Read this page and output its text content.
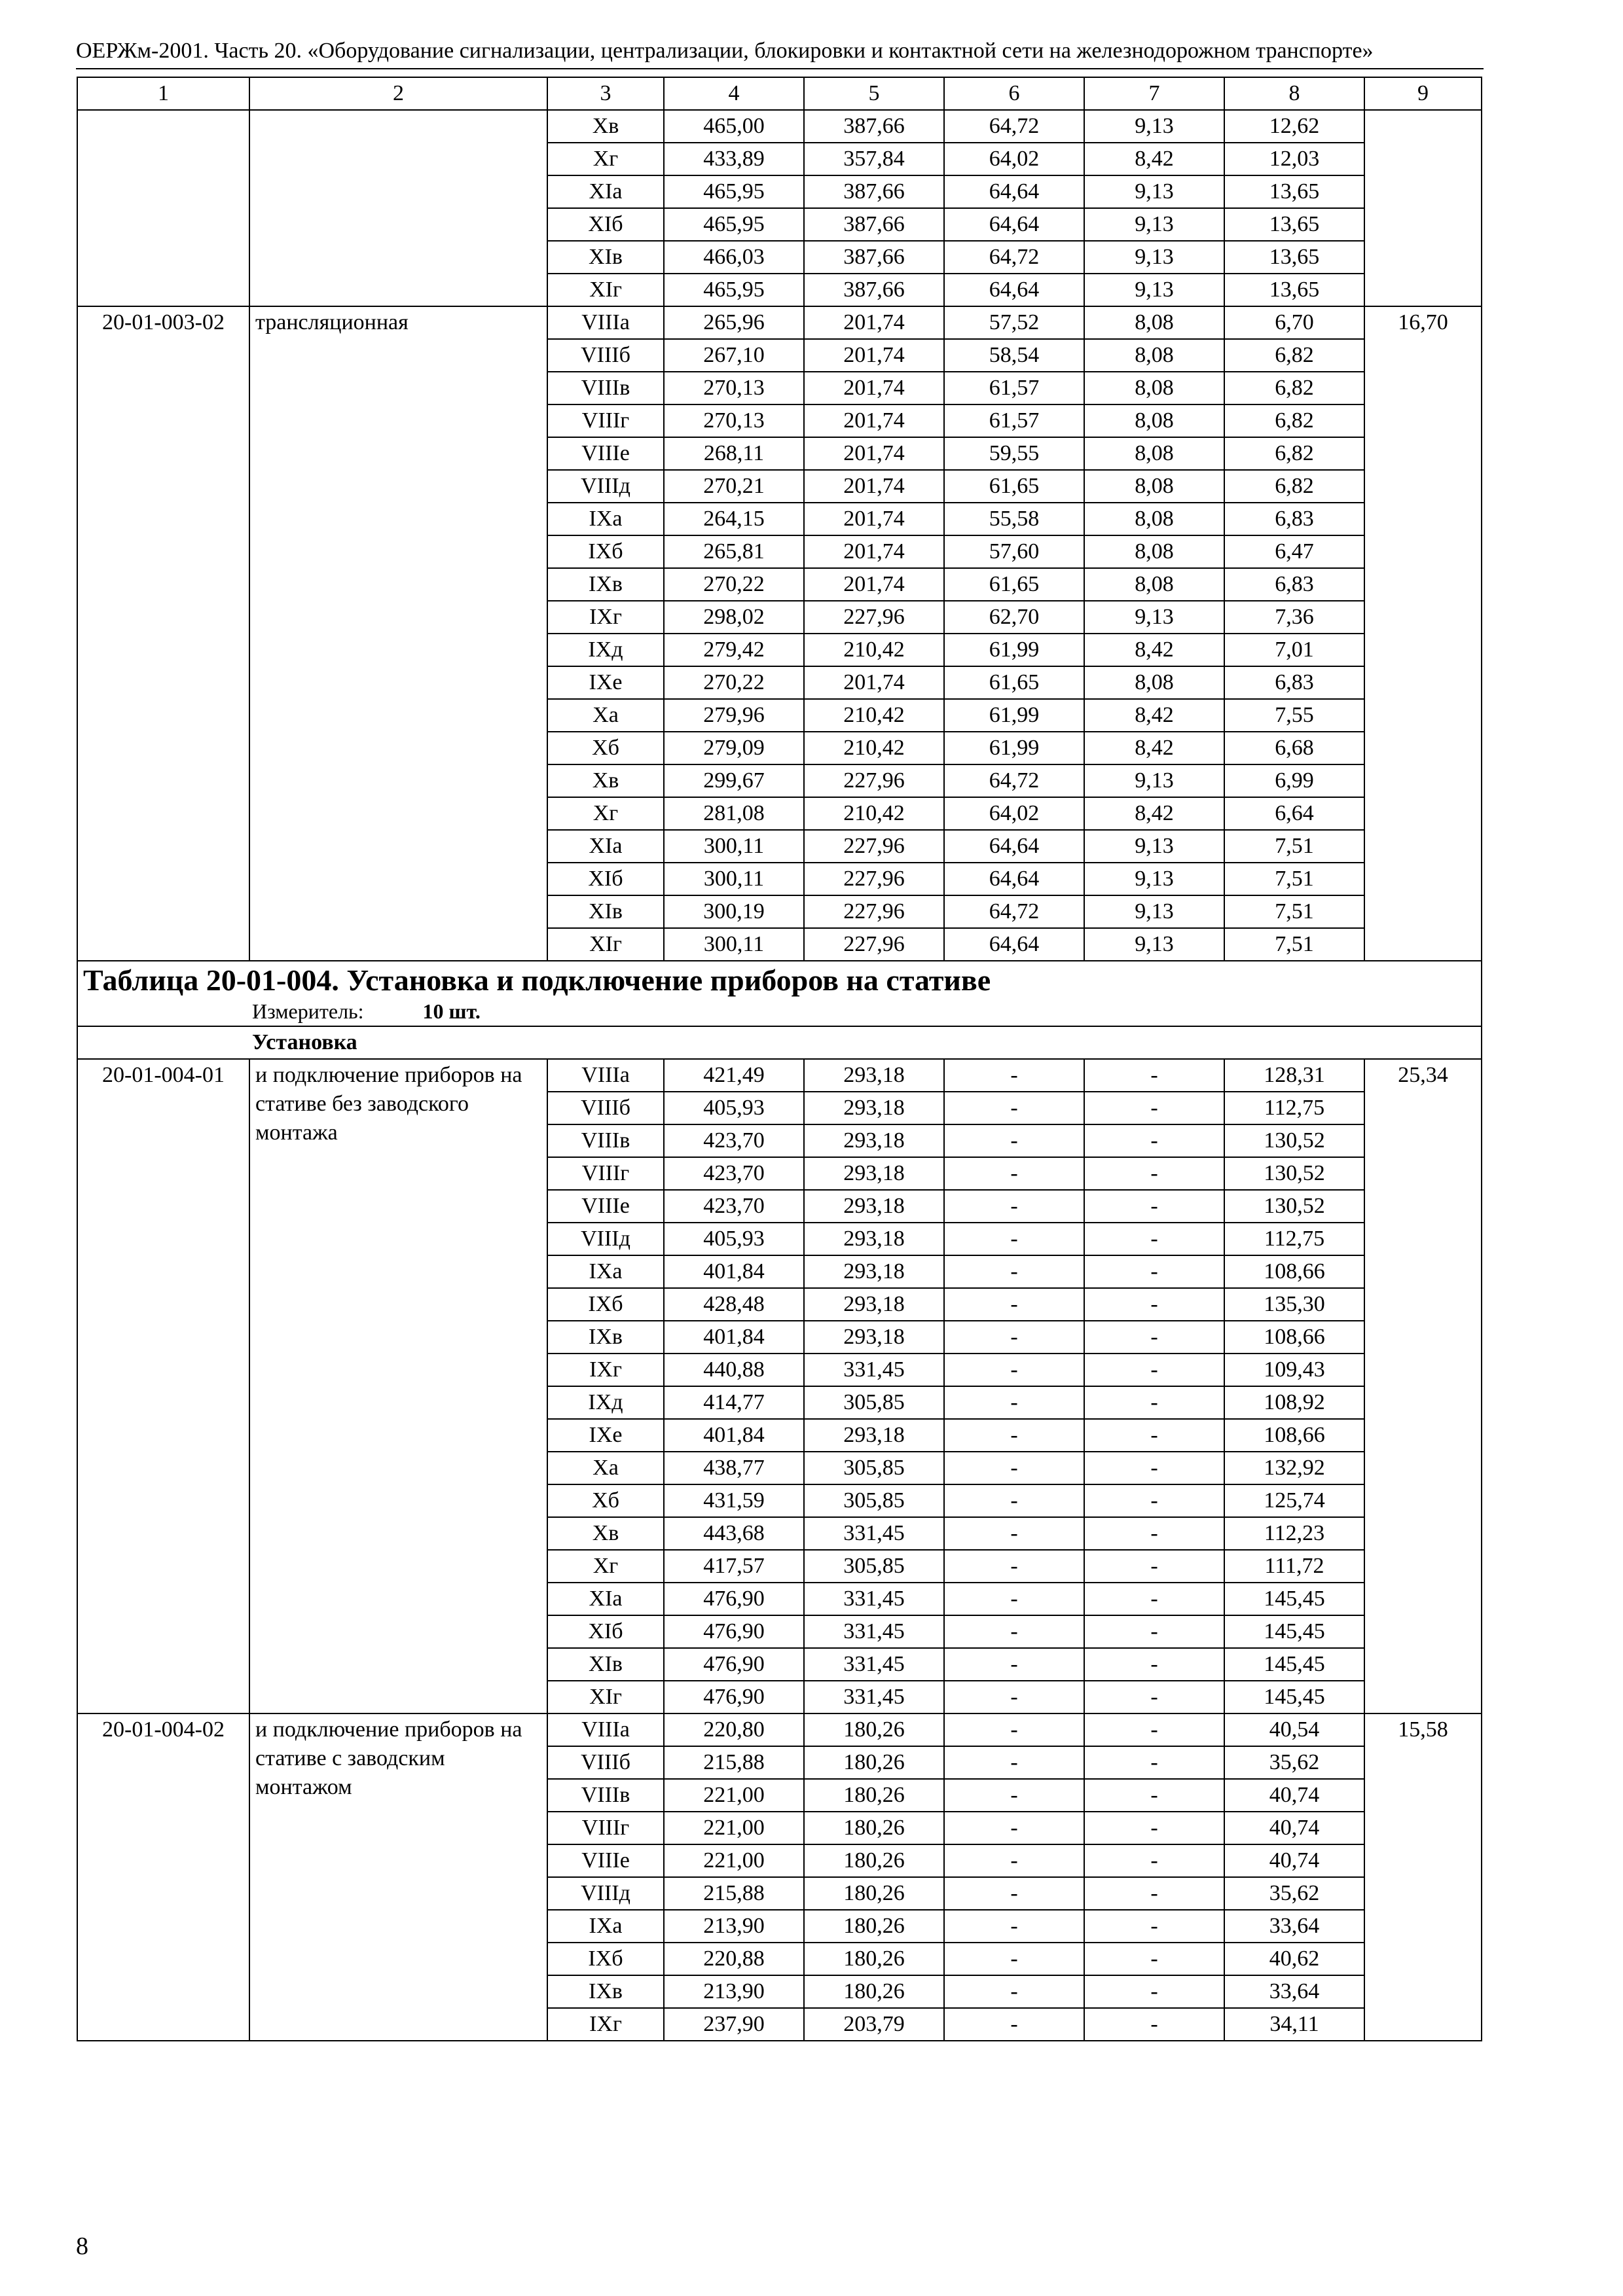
ОЕРЖм-2001. Часть 20. «Оборудование сигнализации, централизации, блокировки и контактной сети на железнодорожном транспорте»
1	2	3	4	5	6	7	8	9
		Хв	465,00	387,66	64,72	9,13	12,62	
		Хг	433,89	357,84	64,02	8,42	12,03	
		ХIа	465,95	387,66	64,64	9,13	13,65	
		ХIб	465,95	387,66	64,64	9,13	13,65	
		ХIв	466,03	387,66	64,72	9,13	13,65	
		ХIг	465,95	387,66	64,64	9,13	13,65	
20-01-003-02	трансляционная	VIIIа	265,96	201,74	57,52	8,08	6,70	16,70
		VIIIб	267,10	201,74	58,54	8,08	6,82	
		VIIIв	270,13	201,74	61,57	8,08	6,82	
		VIIIг	270,13	201,74	61,57	8,08	6,82	
		VIIIе	268,11	201,74	59,55	8,08	6,82	
		VIIIд	270,21	201,74	61,65	8,08	6,82	
		IХа	264,15	201,74	55,58	8,08	6,83	
		IХб	265,81	201,74	57,60	8,08	6,47	
		IХв	270,22	201,74	61,65	8,08	6,83	
		IХг	298,02	227,96	62,70	9,13	7,36	
		IХд	279,42	210,42	61,99	8,42	7,01	
		IХе	270,22	201,74	61,65	8,08	6,83	
		Ха	279,96	210,42	61,99	8,42	7,55	
		Хб	279,09	210,42	61,99	8,42	6,68	
		Хв	299,67	227,96	64,72	9,13	6,99	
		Хг	281,08	210,42	64,02	8,42	6,64	
		ХIа	300,11	227,96	64,64	9,13	7,51	
		ХIб	300,11	227,96	64,64	9,13	7,51	
		ХIв	300,19	227,96	64,72	9,13	7,51	
		ХIг	300,11	227,96	64,64	9,13	7,51	

Таблица 20-01-004. Установка и подключение приборов на стативе
Измеритель: 10 шт.								

Установка								
20-01-004-01	и подключение приборов на стативе без заводского монтажа	VIIIа	421,49	293,18	-	-	128,31	25,34
		VIIIб	405,93	293,18	-	-	112,75	
		VIIIв	423,70	293,18	-	-	130,52	
		VIIIг	423,70	293,18	-	-	130,52	
		VIIIе	423,70	293,18	-	-	130,52	
		VIIIд	405,93	293,18	-	-	112,75	
		IХа	401,84	293,18	-	-	108,66	
		IХб	428,48	293,18	-	-	135,30	
		IХв	401,84	293,18	-	-	108,66	
		IХг	440,88	331,45	-	-	109,43	
		IХд	414,77	305,85	-	-	108,92	
		IХе	401,84	293,18	-	-	108,66	
		Ха	438,77	305,85	-	-	132,92	
		Хб	431,59	305,85	-	-	125,74	
		Хв	443,68	331,45	-	-	112,23	
		Хг	417,57	305,85	-	-	111,72	
		ХIа	476,90	331,45	-	-	145,45	
		ХIб	476,90	331,45	-	-	145,45	
		ХIв	476,90	331,45	-	-	145,45	
		ХIг	476,90	331,45	-	-	145,45	
20-01-004-02	и подключение приборов на стативе с заводским монтажом	VIIIа	220,80	180,26	-	-	40,54	15,58
		VIIIб	215,88	180,26	-	-	35,62	
		VIIIв	221,00	180,26	-	-	40,74	
		VIIIг	221,00	180,26	-	-	40,74	
		VIIIе	221,00	180,26	-	-	40,74	
		VIIIд	215,88	180,26	-	-	35,62	
		IХа	213,90	180,26	-	-	33,64	
		IХб	220,88	180,26	-	-	40,62	
		IХв	213,90	180,26	-	-	33,64	
		IХг	237,90	203,79	-	-	34,11	
8
